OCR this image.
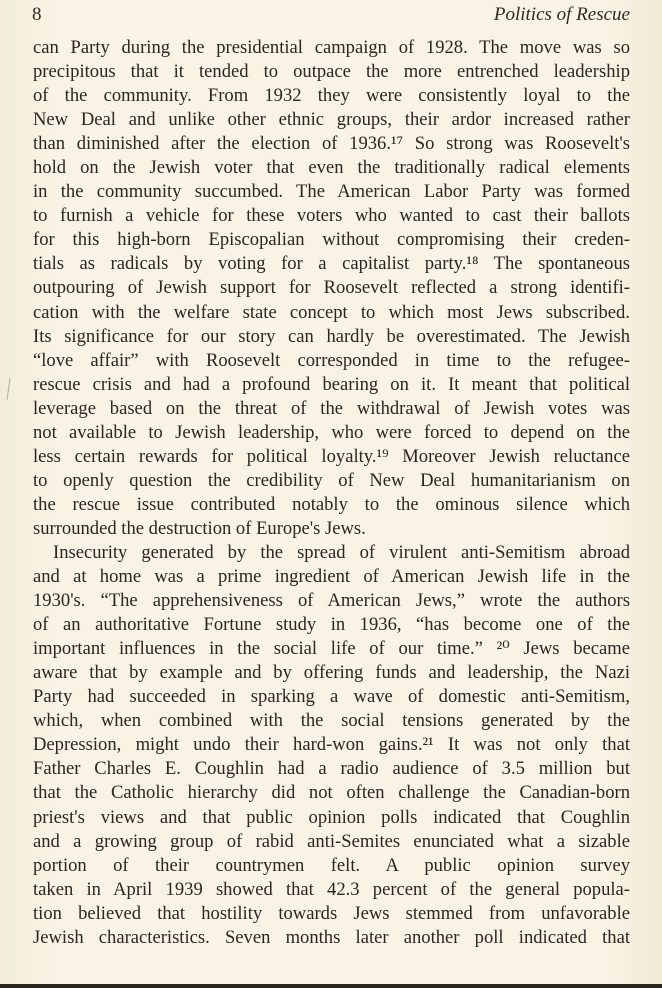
8	Politics of Rescue
can Party during the presidential campaign of 1928. The move was so
precipitous that it tended to outpace the more entrenched leadership
of the community. From 1932 they were consistently loyal to the
New Deal and unlike other ethnic groups, their ardor increased rather
than diminished after the election of 1936.¹⁷ So strong was Roosevelt's
hold on the Jewish voter that even the traditionally radical elements
in the community succumbed. The American Labor Party was formed
to furnish a vehicle for these voters who wanted to cast their ballots
for this high-born Episcopalian without compromising their creden-
tials as radicals by voting for a capitalist party.¹⁸ The spontaneous
outpouring of Jewish support for Roosevelt reflected a strong identifi-
cation with the welfare state concept to which most Jews subscribed.
Its significance for our story can hardly be overestimated. The Jewish
“love affair” with Roosevelt corresponded in time to the refugee-
rescue crisis and had a profound bearing on it. It meant that political
leverage based on the threat of the withdrawal of Jewish votes was
not available to Jewish leadership, who were forced to depend on the
less certain rewards for political loyalty.¹⁹ Moreover Jewish reluctance
to openly question the credibility of New Deal humanitarianism on
the rescue issue contributed notably to the ominous silence which
surrounded the destruction of Europe's Jews.
Insecurity generated by the spread of virulent anti-Semitism abroad
and at home was a prime ingredient of American Jewish life in the
1930's. “The apprehensiveness of American Jews,” wrote the authors
of an authoritative Fortune study in 1936, “has become one of the
important influences in the social life of our time.” ²⁰ Jews became
aware that by example and by offering funds and leadership, the Nazi
Party had succeeded in sparking a wave of domestic anti-Semitism,
which, when combined with the social tensions generated by the
Depression, might undo their hard-won gains.²¹ It was not only that
Father Charles E. Coughlin had a radio audience of 3.5 million but
that the Catholic hierarchy did not often challenge the Canadian-born
priest's views and that public opinion polls indicated that Coughlin
and a growing group of rabid anti-Semites enunciated what a sizable
portion of their countrymen felt. A public opinion survey
taken in April 1939 showed that 42.3 percent of the general popula-
tion believed that hostility towards Jews stemmed from unfavorable
Jewish characteristics. Seven months later another poll indicated that
